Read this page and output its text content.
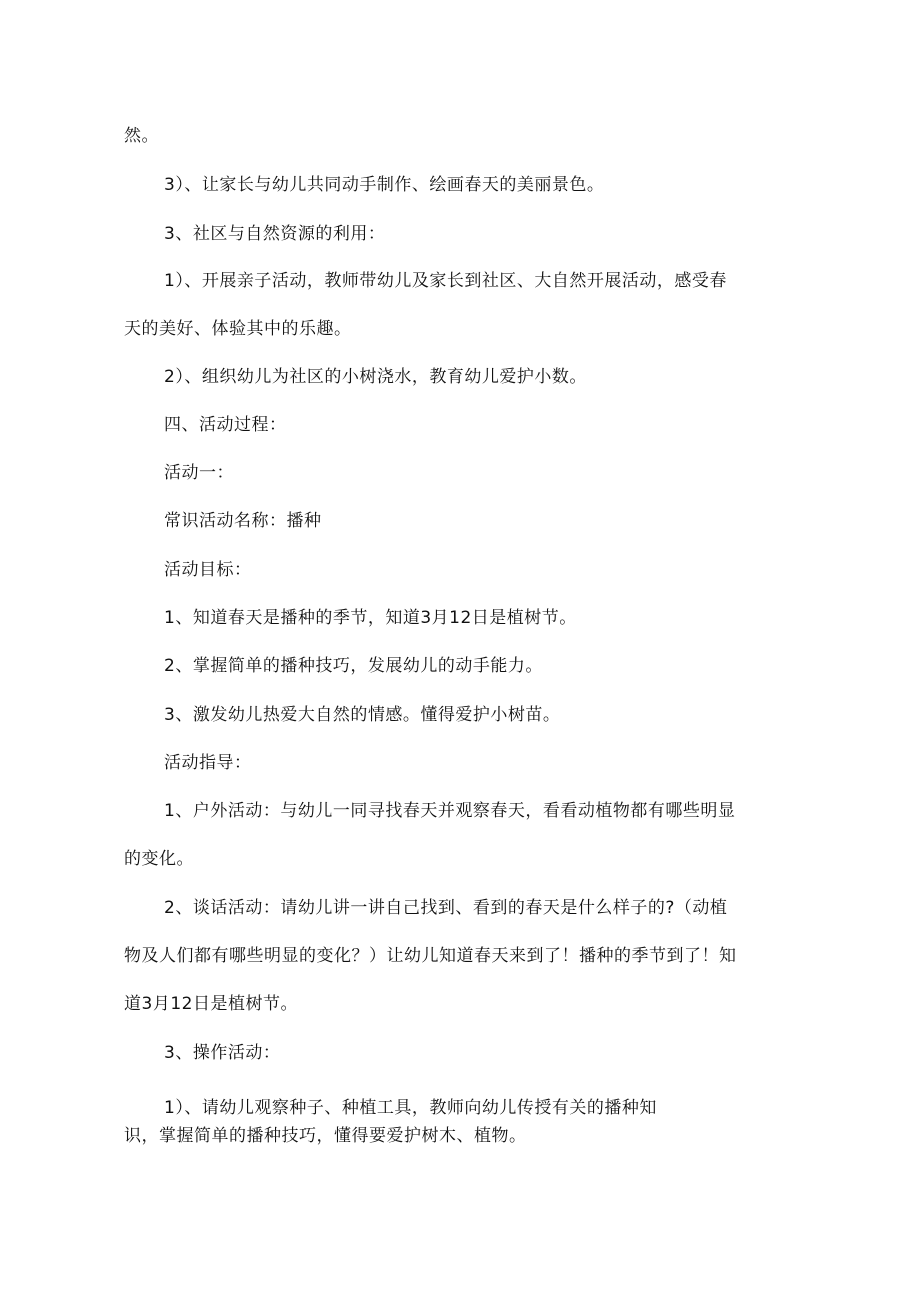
然。
3）、让家长与幼儿共同动手制作、绘画春天的美丽景色。
3、社区与自然资源的利用：
1）、开展亲子活动，教师带幼儿及家长到社区、大自然开展活动，感受春
天的美好、体验其中的乐趣。
2）、组织幼儿为社区的小树浇水，教育幼儿爱护小数。
四、活动过程：
活动一：
常识活动名称：播种
活动目标：
1、知道春天是播种的季节，知道3月12日是植树节。
2、掌握简单的播种技巧，发展幼儿的动手能力。
3、激发幼儿热爱大自然的情感。懂得爱护小树苗。
活动指导：
1、户外活动：与幼儿一同寻找春天并观察春天，看看动植物都有哪些明显
的变化。
2、谈话活动：请幼儿讲一讲自己找到、看到的春天是什么样子的?（动植
物及人们都有哪些明显的变化？）让幼儿知道春天来到了！播种的季节到了！知
道3月12日是植树节。
3、操作活动：
1）、请幼儿观察种子、种植工具，教师向幼儿传授有关的播种知
识，掌握简单的播种技巧，懂得要爱护树木、植物。
